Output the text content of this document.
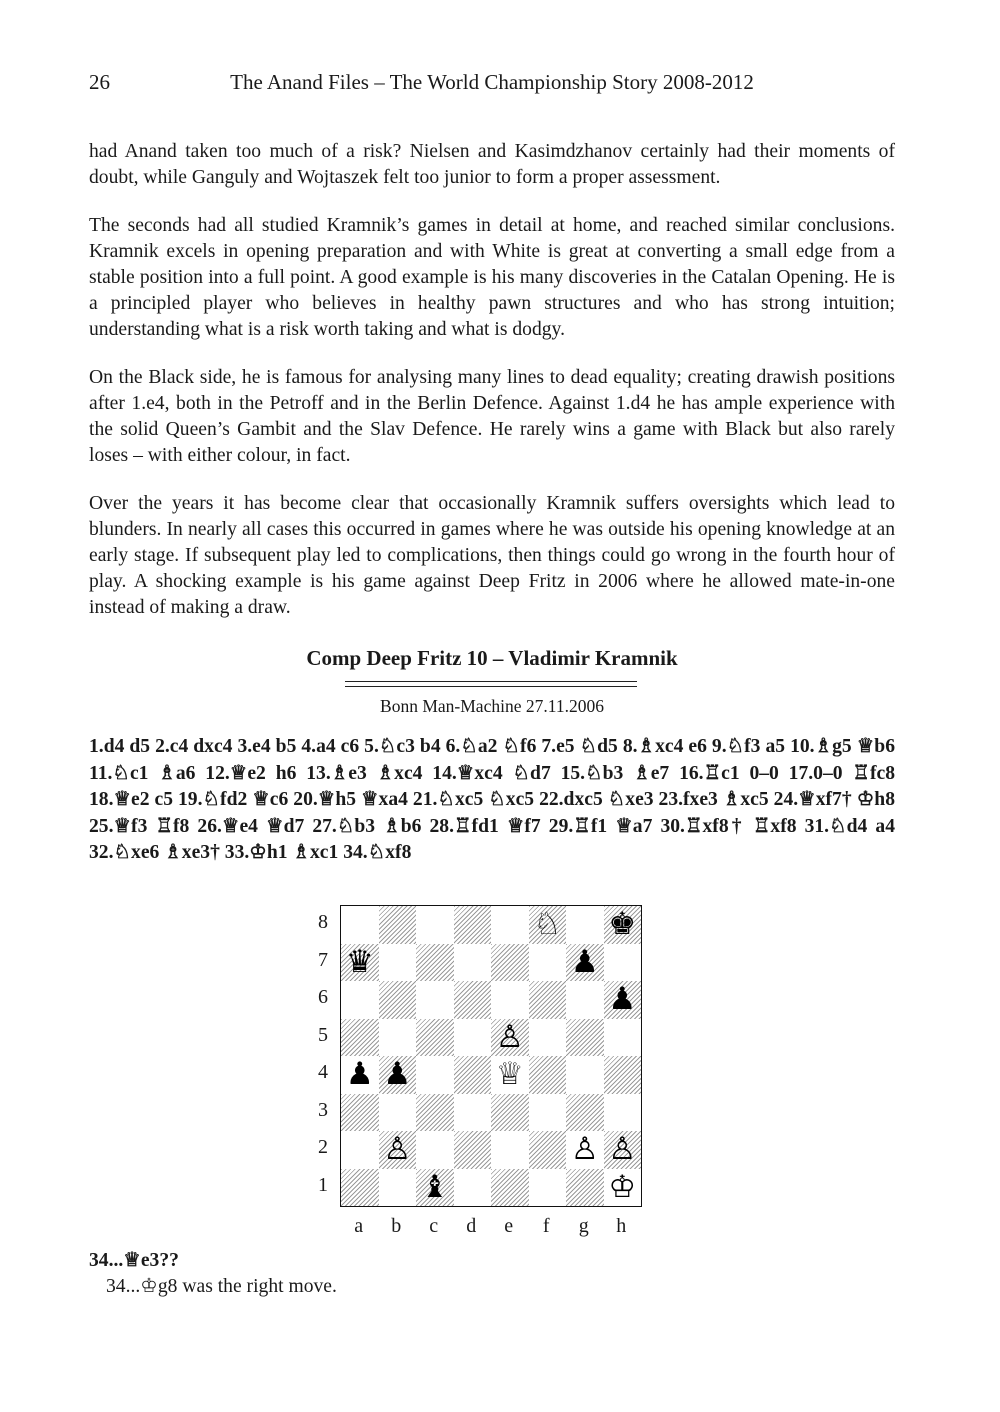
26	The Anand Files – The World Championship Story 2008-2012

had Anand taken too much of a risk? Nielsen and Kasimdzhanov certainly had their moments of doubt, while Ganguly and Wojtaszek felt too junior to form a proper assessment.

The seconds had all studied Kramnik’s games in detail at home, and reached similar conclusions. Kramnik excels in opening preparation and with White is great at converting a small edge from a stable position into a full point. A good example is his many discoveries in the Catalan Opening. He is a principled player who believes in healthy pawn structures and who has strong intuition; understanding what is a risk worth taking and what is dodgy.

On the Black side, he is famous for analysing many lines to dead equality; creating drawish positions after 1.e4, both in the Petroff and in the Berlin Defence. Against 1.d4 he has ample experience with the solid Queen’s Gambit and the Slav Defence. He rarely wins a game with Black but also rarely loses – with either colour, in fact.

Over the years it has become clear that occasionally Kramnik suffers oversights which lead to blunders. In nearly all cases this occurred in games where he was outside his opening knowledge at an early stage. If subsequent play led to complications, then things could go wrong in the fourth hour of play. A shocking example is his game against Deep Fritz in 2006 where he allowed mate-in-one instead of making a draw.

Comp Deep Fritz 10 – Vladimir Kramnik
Bonn Man-Machine 27.11.2006

1.d4 d5 2.c4 dxc4 3.e4 b5 4.a4 c6 5.♘c3 b4 6.♘a2 ♘f6 7.e5 ♘d5 8.♗xc4 e6 9.♘f3 a5 10.♗g5 ♕b6 11.♘c1 ♗a6 12.♕e2 h6 13.♗e3 ♗xc4 14.♕xc4 ♘d7 15.♘b3 ♗e7 16.♖c1 0–0 17.0–0 ♖fc8 18.♕e2 c5 19.♘fd2 ♕c6 20.♕h5 ♕xa4 21.♘xc5 ♘xc5 22.dxc5 ♘xe3 23.fxe3 ♗xc5 24.♕xf7† ♔h8 25.♕f3 ♖f8 26.♕e4 ♕d7 27.♘b3 ♗b6 28.♖fd1 ♕f7 29.♖f1 ♕a7 30.♖xf8† ♖xf8 31.♘d4 a4 32.♘xe6 ♗xe3† 33.♔h1 ♗xc1 34.♘xf8

♘ ♚
♛	♟
♟
♙
♟ ♟	♕
♙	♙ ♙
♝	♔
8
7
6
5
4
3
2
1
a	b	c	d	e	f	g	h
34...♕e3??
34...♔g8 was the right move.
